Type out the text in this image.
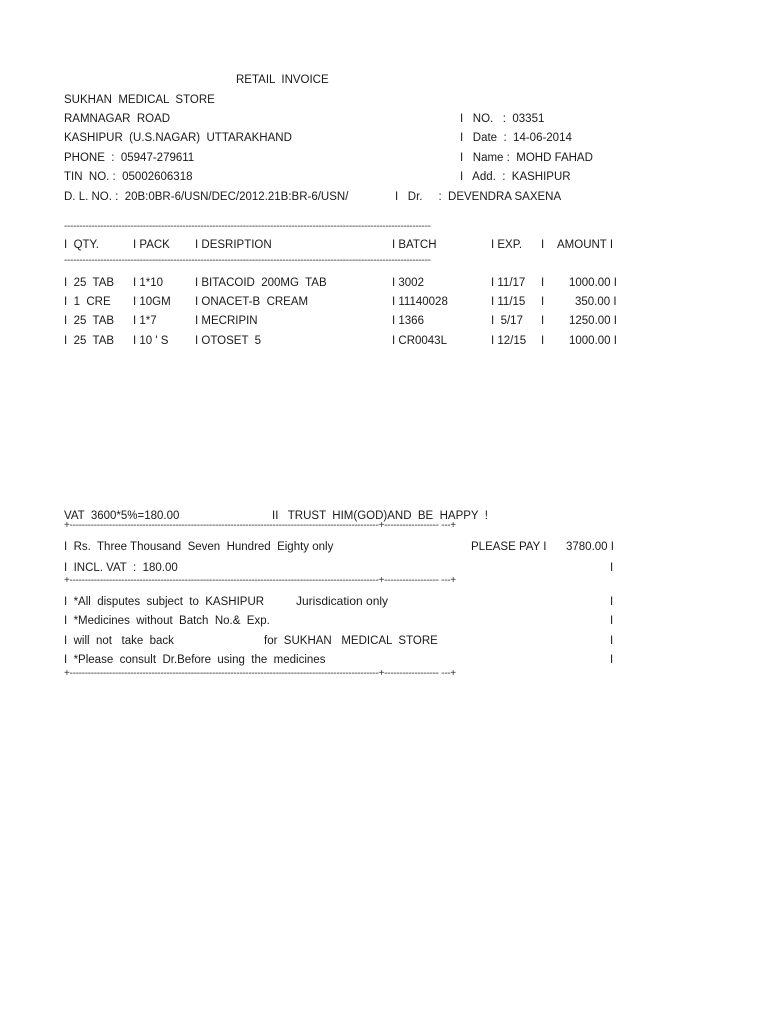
RETAIL  INVOICE
SUKHAN  MEDICAL  STORE
RAMNAGAR  ROAD
KASHIPUR  (U.S.NAGAR)  UTTARAKHAND
PHONE  :  05947-279611
TIN  NO. :  05002606318
D. L. NO. :  20B:0BR-6/USN/DEC/2012.21B:BR-6/USN/
I   NO.   :  03351
I   Date  :  14-06-2014
I   Name :  MOHD FAHAD
I   Add.  :  KASHIPUR
I   Dr.     :  DEVENDRA SAXENA
-------------------------------------------------------------------------------------------------------------------------
I  QTY.	I PACK I DESRIPTION	I BATCH	I EXP. I AMOUNT I
-------------------------------------------------------------------------------------------------------------------------
I  25  TAB I 1*10	I BITACOID  200MG  TAB	I 3002	I 11/17 I 1000.00 I
I  1  CRE I 10GM I ONACET-B  CREAM	I 11140028	I 11/15 I	350.00 I
I  25  TAB I 1*7	I MECRIPIN	I 1366	I  5/17 I 1250.00 I
I  25  TAB I 10 ' S I OTOSET  5	I CR0043L	I 12/15 I 1000.00 I
VAT  3600*5%=180.00	II   TRUST  HIM(GOD)AND  BE  HAPPY  !
+------------------------------------------------------------------------------------------------------+------------------ ---+
I  Rs.  Three Thousand  Seven  Hundred  Eighty only	PLEASE PAY I 3780.00 I
I  INCL. VAT  :  180.00	I
+------------------------------------------------------------------------------------------------------+------------------ ---+
I  *All  disputes  subject  to  KASHIPUR	Jurisdication only	I
I  *Medicines  without  Batch  No.&  Exp.	I
I  will  not   take  back	for  SUKHAN   MEDICAL  STORE	I
I  *Please  consult  Dr.Before  using  the  medicines	I
+------------------------------------------------------------------------------------------------------+------------------ ---+
